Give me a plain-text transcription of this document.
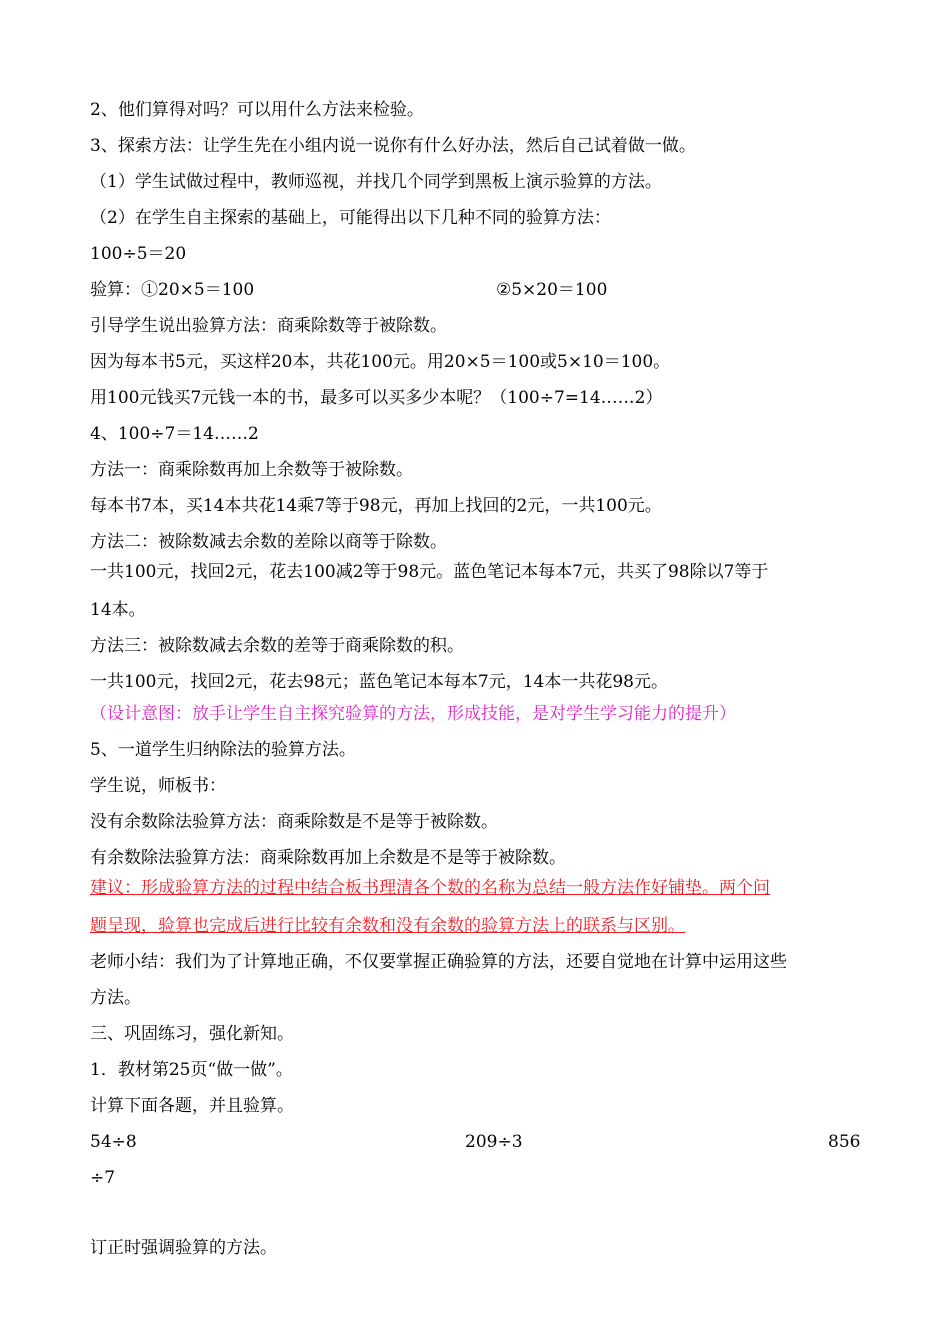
2、他们算得对吗？可以用什么方法来检验。
3、探索方法：让学生先在小组内说一说你有什么好办法，然后自己试着做一做。
（1）学生试做过程中，教师巡视，并找几个同学到黑板上演示验算的方法。
（2）在学生自主探索的基础上，可能得出以下几种不同的验算方法：
100÷5＝20
验算：①20×5＝100	②5×20＝100
引导学生说出验算方法：商乘除数等于被除数。
因为每本书5元，买这样20本，共花100元。用20×5＝100或5×10＝100。
用100元钱买7元钱一本的书，最多可以买多少本呢？（100÷7=14……2）
4、100÷7＝14……2
方法一：商乘除数再加上余数等于被除数。
每本书7本，买14本共花14乘7等于98元，再加上找回的2元，一共100元。
方法二：被除数减去余数的差除以商等于除数。
一共100元，找回2元，花去100减2等于98元。蓝色笔记本每本7元，共买了98除以7等于
14本。
方法三：被除数减去余数的差等于商乘除数的积。
一共100元，找回2元，花去98元；蓝色笔记本每本7元，14本一共花98元。
（设计意图：放手让学生自主探究验算的方法，形成技能，是对学生学习能力的提升）
5、一道学生归纳除法的验算方法。
学生说，师板书：
没有余数除法验算方法：商乘除数是不是等于被除数。
有余数除法验算方法：商乘除数再加上余数是不是等于被除数。
建议：形成验算方法的过程中结合板书理清各个数的名称为总结一般方法作好铺垫。两个问
题呈现，验算也完成后进行比较有余数和没有余数的验算方法上的联系与区别。
老师小结：我们为了计算地正确，不仅要掌握正确验算的方法，还要自觉地在计算中运用这些
方法。
三、巩固练习，强化新知。
1．教材第25页“做一做”。
计算下面各题，并且验算。
54÷8	209÷3	856
÷7
订正时强调验算的方法。
